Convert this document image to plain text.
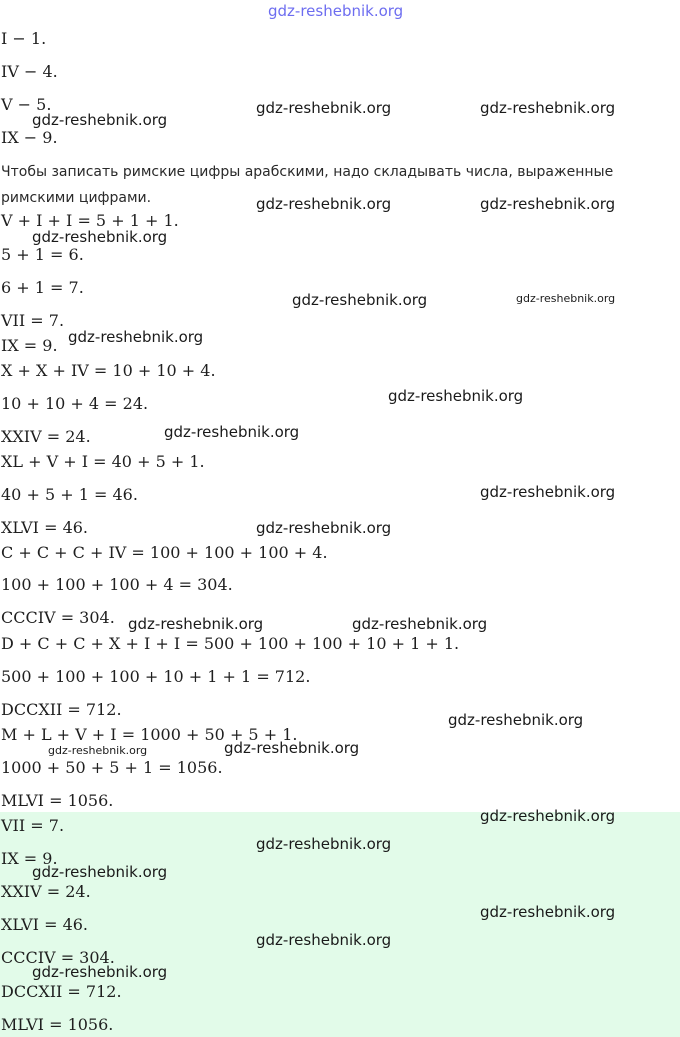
gdz-reshebnik.org
I − 1.
IV − 4.
V − 5.
IX − 9.
Чтобы записать римские цифры арабскими, надо складывать числа, выраженные
римскими цифрами.
V + I + I = 5 + 1 + 1.
5 + 1 = 6.
6 + 1 = 7.
VII = 7.
IX = 9.
X + X + IV = 10 + 10 + 4.
10 + 10 + 4 = 24.
XXIV = 24.
XL + V + I = 40 + 5 + 1.
40 + 5 + 1 = 46.
XLVI = 46.
C + C + C + IV = 100 + 100 + 100 + 4.
100 + 100 + 100 + 4 = 304.
CCCIV = 304.
D + C + C + X + I + I = 500 + 100 + 100 + 10 + 1 + 1.
500 + 100 + 100 + 10 + 1 + 1 = 712.
DCCXII = 712.
M + L + V + I = 1000 + 50 + 5 + 1.
1000 + 50 + 5 + 1 = 1056.
MLVI = 1056.
VII = 7.
IX = 9.
XXIV = 24.
XLVI = 46.
CCCIV = 304.
DCCXII = 712.
MLVI = 1056.
gdz-reshebnik.org	gdz-reshebnik.org
gdz-reshebnik.org
gdz-reshebnik.org	gdz-reshebnik.org
gdz-reshebnik.org
gdz-reshebnik.org	gdz-reshebnik.org
gdz-reshebnik.org
gdz-reshebnik.org
gdz-reshebnik.org
gdz-reshebnik.org
gdz-reshebnik.org
gdz-reshebnik.org	gdz-reshebnik.org
gdz-reshebnik.org
gdz-reshebnik.org	gdz-reshebnik.org
gdz-reshebnik.org
gdz-reshebnik.org
gdz-reshebnik.org
gdz-reshebnik.org
gdz-reshebnik.org
gdz-reshebnik.org
